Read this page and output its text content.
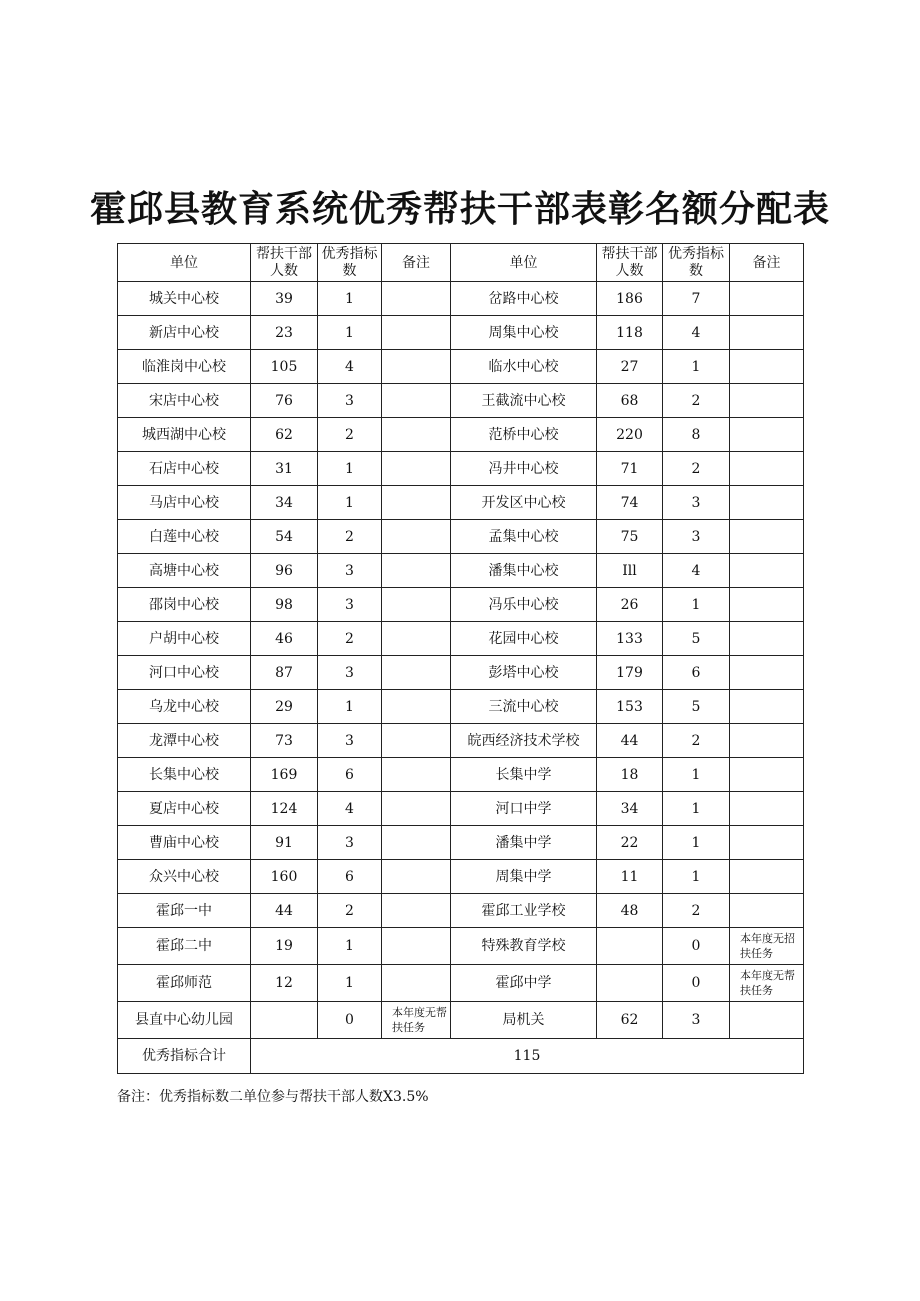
霍邱县教育系统优秀帮扶干部表彰名额分配表
单位	帮扶干部人数	优秀指标数	备注	单位	帮扶干部人数	优秀指标数	备注
城关中心校	39	1		岔路中心校	186	7	
新店中心校	23	1		周集中心校	118	4	
临淮岗中心校	105	4		临水中心校	27	1	
宋店中心校	76	3		王截流中心校	68	2	
城西湖中心校	62	2		范桥中心校	220	8	
石店中心校	31	1		冯井中心校	71	2	
马店中心校	34	1		开发区中心校	74	3	
白莲中心校	54	2		孟集中心校	75	3	
高塘中心校	96	3		潘集中心校	Ill	4	
邵岗中心校	98	3		冯乐中心校	26	1	
户胡中心校	46	2		花园中心校	133	5	
河口中心校	87	3		彭塔中心校	179	6	
乌龙中心校	29	1		三流中心校	153	5	
龙潭中心校	73	3		皖西经济技术学校	44	2	
长集中心校	169	6		长集中学	18	1	
夏店中心校	124	4		河口中学	34	1	
曹庙中心校	91	3		潘集中学	22	1	
众兴中心校	160	6		周集中学	11	1	
霍邱一中	44	2		霍邱工业学校	48	2	
霍邱二中	19	1		特殊教育学校		0	本年度无招扶任务
霍邱师范	12	1		霍邱中学		0	本年度无帮扶任务
县直中心幼儿园		0	本年度无帮扶任务	局机关	62	3	
优秀指标合计	115						

备注：优秀指标数二单位参与帮扶干部人数X3.5%
